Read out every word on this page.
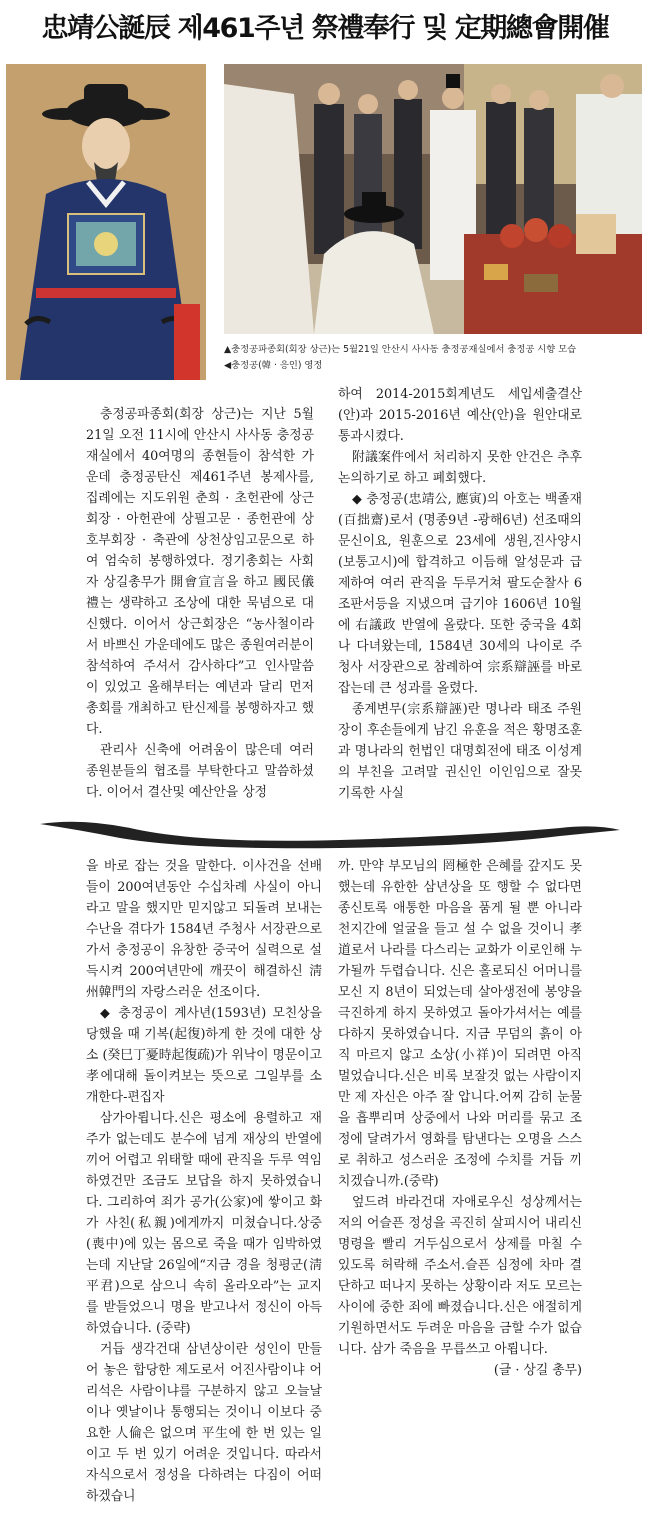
忠靖公誕辰 제461주년 祭禮奉行 및 定期總會開催
▲충정공파종회(회장 상근)는 5월21일 안산시 사사동 충정공재실에서 충정공 시향 모습
◀충정공(韓 · 응인) 영정

충정공파종회(회장 상근)는 지난 5월21일 오전 11시에 안산시 사사동 충정공재실에서 40여명의 종현들이 참석한 가운데 충정공탄신 제461주년 봉제사를, 집례에는 지도위원 춘희 · 초헌관에 상근회장 · 아헌관에 상필고문 · 종헌관에 상호부회장 · 축관에 상천상임고문으로 하여 엄숙히 봉행하였다. 정기총회는 사회자 상길총무가 開會宣言을 하고 國民儀禮는 생략하고 조상에 대한 묵념으로 대신했다. 이어서 상근회장은 “농사철이라서 바쁘신 가운데에도 많은 종원여러분이 참석하여 주셔서 감사하다”고 인사말씀이 있었고 올해부터는 예년과 달리 먼저 총회를 개최하고 탄신제를 봉행하자고 했다.

관리사 신축에 어려움이 많은데 여러종원분들의 협조를 부탁한다고 말씀하셨다. 이어서 결산및 예산안을 상정

하여 2014-2015회계년도 세입세출결산(안)과 2015-2016년 예산(안)을 원안대로 통과시켰다.

附議案件에서 처리하지 못한 안건은 추후 논의하기로 하고 폐회했다.

◆ 충정공(忠靖公, 應寅)의 아호는 백졸재(百拙齋)로서 (명종9년 -광해6년) 선조때의 문신이요, 원훈으로 23세에 생원,진사양시(보통고시)에 합격하고 이듬해 알성문과 급제하여 여러 관직을 두루거쳐 팔도순찰사 6조판서등을 지냈으며 급기야 1606년 10월에 右議政 반열에 올랐다. 또한 중국을 4회나 다녀왔는데, 1584년 30세의 나이로 주청사 서장관으로 참례하여 宗系辯誣를 바로잡는데 큰 성과를 올렸다.

종계변무(宗系辯誣)란 명나라 태조 주원장이 후손들에게 남긴 유훈을 적은 황명조훈과 명나라의 헌법인 대명회전에 태조 이성계의 부친을 고려말 권신인 이인임으로 잘못 기록한 사실

을 바로 잡는 것을 말한다. 이사건을 선배들이 200여년동안 수십차례 사실이 아니라고 말을 했지만 믿지않고 되돌려 보내는 수난을 겪다가 1584년 주청사 서장관으로 가서 충정공이 유창한 중국어 실력으로 설득시켜 200여년만에 깨끗이 해결하신 淸州韓門의 자랑스러운 선조이다.

◆ 충정공이 계사년(1593년) 모친상을 당했을 때 기복(起復)하게 한 것에 대한 상소 (癸巳丁憂時起復疏)가 위낙이 명문이고 孝에대해 돌이켜보는 뜻으로 그일부를 소개한다-편집자

삼가아룁니다.신은 평소에 용렬하고 재주가 없는데도 분수에 넘게 재상의 반열에 끼어 어렵고 위태할 때에 관직을 두루 역임하였건만 조금도 보답을 하지 못하였습니다. 그리하여 죄가 공가(公家)에 쌓이고 화가 사친(私親)에게까지 미쳤습니다.상중(喪中)에 있는 몸으로 죽을 때가 임박하였는데 지난달 26일에“지금 경을 청평군(淸平君)으로 삼으니 속히 올라오라”는 교지를 받들었으니 명을 받고나서 정신이 아득하였습니다. (중략)

거듭 생각건대 삼년상이란 성인이 만들어 놓은 합당한 제도로서 어진사람이냐 어리석은 사람이냐를 구분하지 않고 오늘날이나 옛날이나 통행되는 것이니 이보다 중요한 人倫은 없으며 平生에 한 번 있는 일이고 두 번 있기 어려운 것입니다. 따라서 자식으로서 정성을 다하려는 다짐이 어떠하겠습니

까. 만약 부모님의 罔極한 은혜를 갚지도 못했는데 유한한 삼년상을 또 행할 수 없다면 종신토록 애통한 마음을 품게 될 뿐 아니라 천지간에 얼굴을 들고 설 수 없을 것이니 孝道로서 나라를 다스리는 교화가 이로인해 누가될까 두렵습니다. 신은 홀로되신 어머니를 모신 지 8년이 되었는데 살아생전에 봉양을 극진하게 하지 못하였고 돌아가셔서는 예를 다하지 못하였습니다. 지금 무덤의 흙이 아직 마르지 않고 소상(小祥)이 되려면 아직 멀었습니다.신은 비록 보잘것 없는 사람이지만 제 자신은 아주 잘 압니다.어찌 감히 눈물을 흡뿌리며 상중에서 나와 머리를 묶고 조정에 달려가서 영화를 탐낸다는 오명을 스스로 취하고 성스러운 조정에 수치를 거듭 끼치겠습니까.(중략)

엎드려 바라건대 자애로우신 성상께서는 저의 어슬픈 정성을 곡진히 살피시어 내리신 명령을 빨리 거두심으로서 상제를 마칠 수 있도록 허락해 주소서.슬픈 심정에 차마 결단하고 떠나지 못하는 상황이라 저도 모르는 사이에 중한 죄에 빠졌습니다.신은 애절히게 기원하면서도 두려운 마음을 금할 수가 없습니다. 삼가 죽음을 무릅쓰고 아룁니다.

(글 · 상길 총무)
